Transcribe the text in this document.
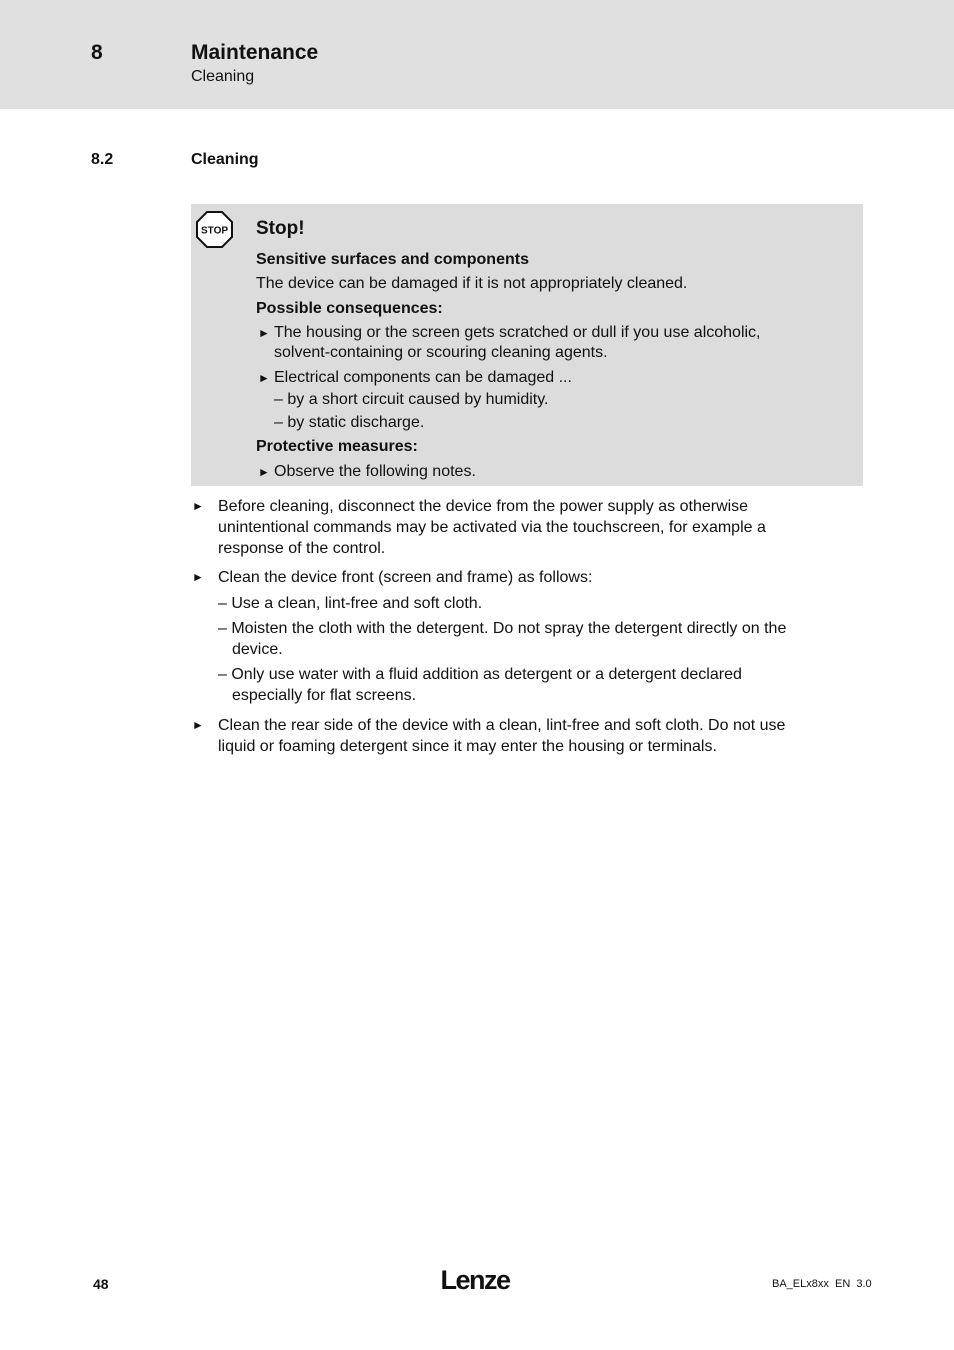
8	Maintenance
Cleaning
8.2	Cleaning
STOP Stop!
Sensitive surfaces and components
The device can be damaged if it is not appropriately cleaned.
Possible consequences:
► The housing or the screen gets scratched or dull if you use alcoholic,
solvent-containing or scouring cleaning agents.
► Electrical components can be damaged ...
– by a short circuit caused by humidity.
– by static discharge.
Protective measures:
► Observe the following notes.
► Before cleaning, disconnect the device from the power supply as otherwise
unintentional commands may be activated via the touchscreen, for example a
response of the control.
► Clean the device front (screen and frame) as follows:
– Use a clean, lint-free and soft cloth.
– Moisten the cloth with the detergent. Do not spray the detergent directly on the
device.
– Only use water with a fluid addition as detergent or a detergent declared
especially for flat screens.
► Clean the rear side of the device with a clean, lint-free and soft cloth. Do not use
liquid or foaming detergent since it may enter the housing or terminals.
48	Lenze	BA_ELx8xx  EN  3.0
